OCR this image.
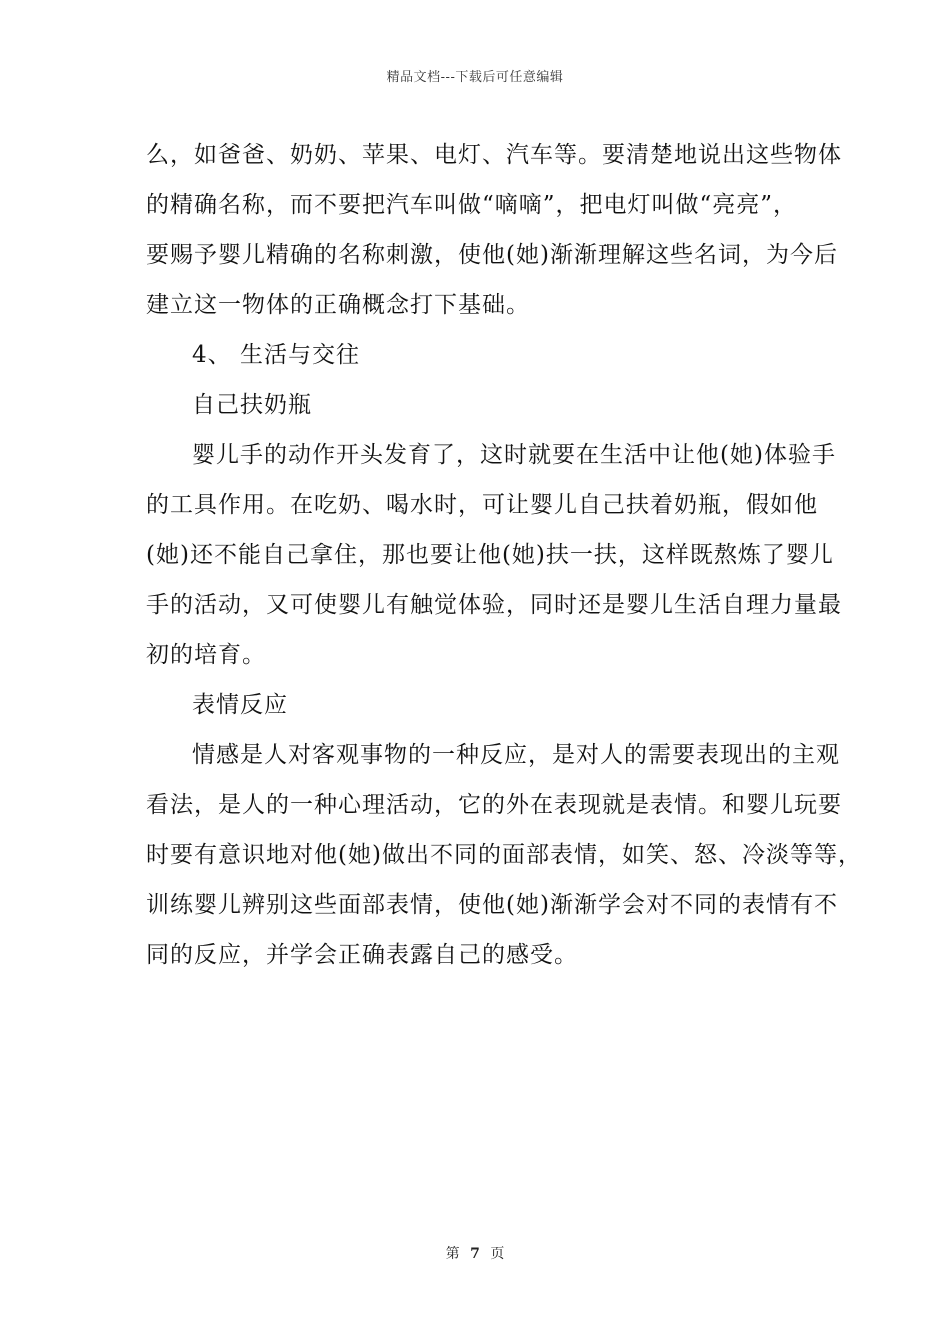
精品文档---下载后可任意编辑
么，如爸爸、奶奶、苹果、电灯、汽车等。要清楚地说出这些物体
的精确名称，而不要把汽车叫做“嘀嘀”，把电灯叫做“亮亮”，
要赐予婴儿精确的名称刺激，使他(她)渐渐理解这些名词，为今后
建立这一物体的正确概念打下基础。
4、 生活与交往
自己扶奶瓶
婴儿手的动作开头发育了，这时就要在生活中让他(她)体验手
的工具作用。在吃奶、喝水时，可让婴儿自己扶着奶瓶，假如他
(她)还不能自己拿住，那也要让他(她)扶一扶，这样既熬炼了婴儿
手的活动，又可使婴儿有触觉体验，同时还是婴儿生活自理力量最
初的培育。
表情反应
情感是人对客观事物的一种反应，是对人的需要表现出的主观
看法，是人的一种心理活动，它的外在表现就是表情。和婴儿玩要
时要有意识地对他(她)做出不同的面部表情，如笑、怒、冷淡等等，
训练婴儿辨别这些面部表情，使他(她)渐渐学会对不同的表情有不
同的反应，并学会正确表露自己的感受。
第 7 页
